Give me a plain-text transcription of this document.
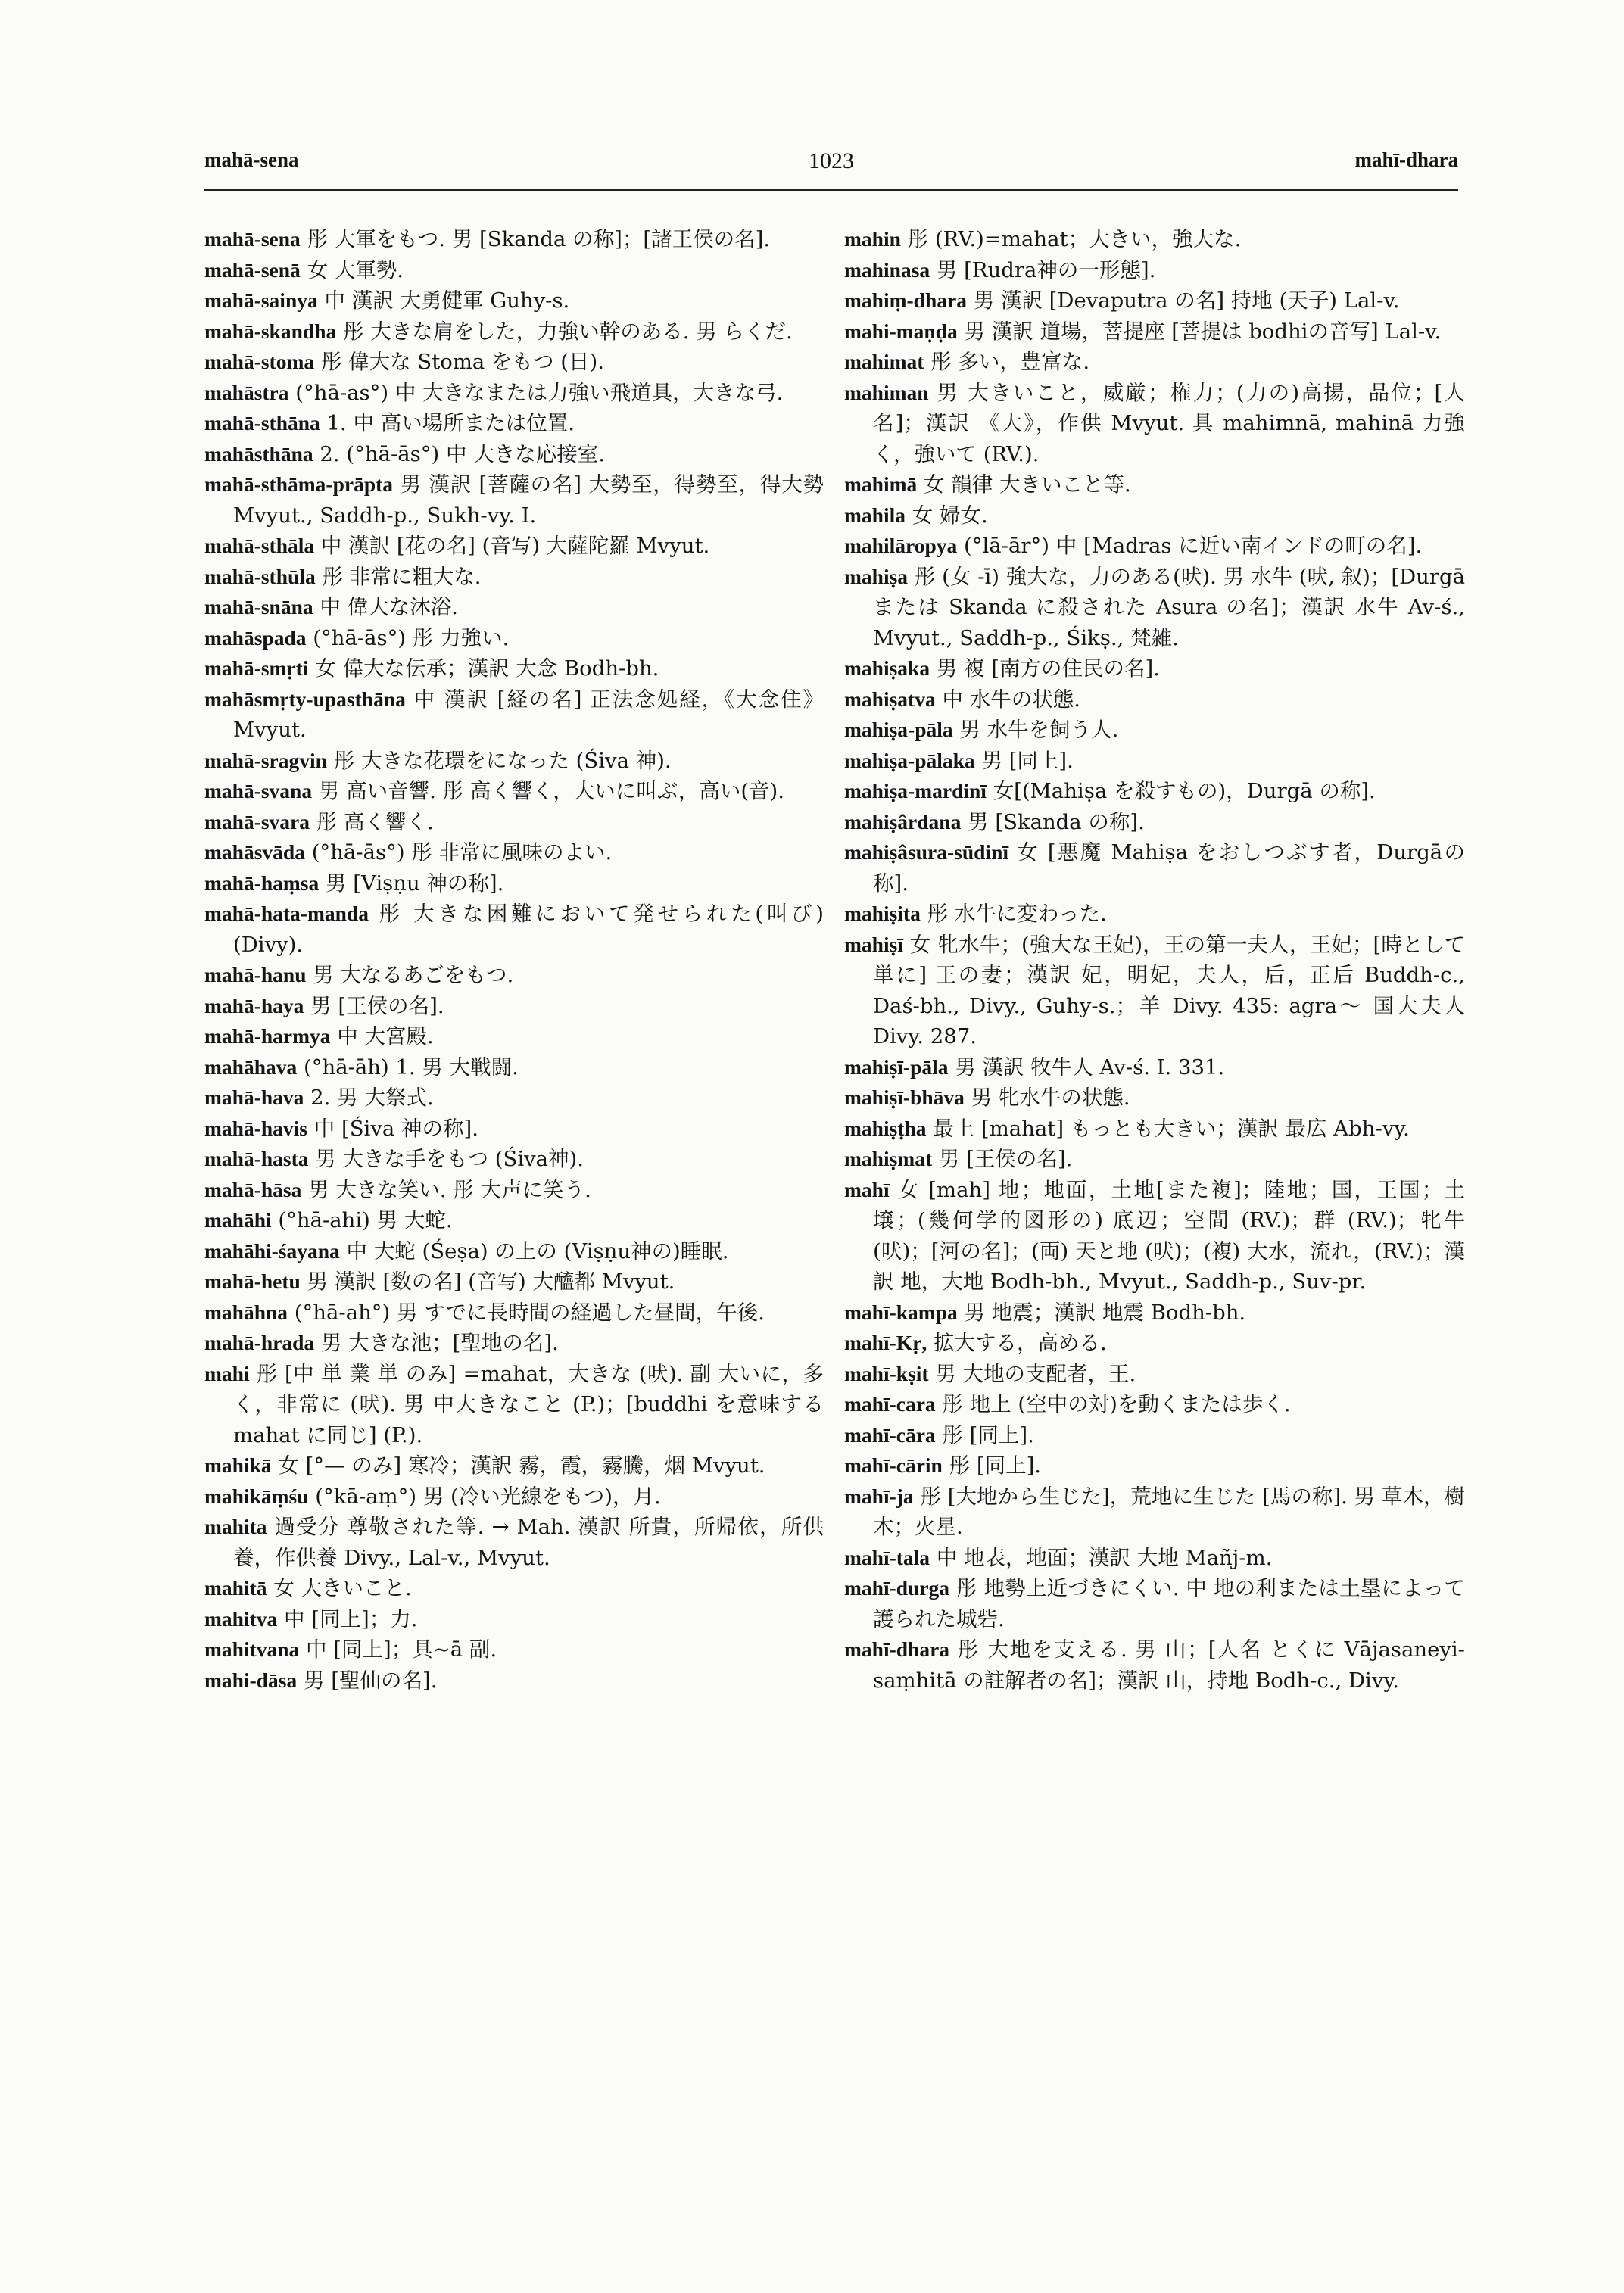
mahā-sena	1023	mahī-dhara
mahā-sena 彤 大軍をもつ. 男 [Skanda の称]；[諸王侯の名].
mahā-senā 女 大軍勢.
mahā-sainya 中 漢訳 大勇健軍 Guhy-s.
mahā-skandha 彤 大きな肩をした，力強い幹のある. 男 らくだ.
mahā-stoma 彤 偉大な Stoma をもつ (日).
mahāstra (°hā-as°) 中 大きなまたは力強い飛道具，大きな弓.
mahā-sthāna 1. 中 高い場所または位置.
mahāsthāna 2. (°hā-ās°) 中 大きな応接室.
mahā-sthāma-prāpta 男 漢訳 [菩薩の名] 大勢至，得勢至，得大勢 Mvyut., Saddh-p., Sukh-vy. I.
mahā-sthāla 中 漢訳 [花の名] (音写) 大薩陀羅 Mvyut.
mahā-sthūla 彤 非常に粗大な.
mahā-snāna 中 偉大な沐浴.
mahāspada (°hā-ās°) 彤 力強い.
mahā-smṛti 女 偉大な伝承；漢訳 大念 Bodh-bh.
mahāsmṛty-upasthāna 中 漢訳 [経の名] 正法念処経，《大念住》 Mvyut.
mahā-sragvin 彤 大きな花環をになった (Śiva 神).
mahā-svana 男 高い音響. 彤 高く響く，大いに叫ぶ，高い(音).
mahā-svara 彤 高く響く.
mahāsvāda (°hā-ās°) 彤 非常に風味のよい.
mahā-haṃsa 男 [Viṣṇu 神の称].
mahā-hata-manda 彤 大きな困難において発せられた(叫び) (Divy).
mahā-hanu 男 大なるあごをもつ.
mahā-haya 男 [王侯の名].
mahā-harmya 中 大宮殿.
mahāhava (°hā-āh) 1. 男 大戦闘.
mahā-hava 2. 男 大祭式.
mahā-havis 中 [Śiva 神の称].
mahā-hasta 男 大きな手をもつ (Śiva神).
mahā-hāsa 男 大きな笑い. 彤 大声に笑う.
mahāhi (°hā-ahi) 男 大蛇.
mahāhi-śayana 中 大蛇 (Śeṣa) の上の (Viṣṇu神の)睡眠.
mahā-hetu 男 漢訳 [数の名] (音写) 大醯都 Mvyut.
mahāhna (°hā-ah°) 男 すでに長時間の経過した昼間，午後.
mahā-hrada 男 大きな池；[聖地の名].
mahi 彤 [中 単 業 単 のみ] =mahat，大きな (吠). 副 大いに，多く，非常に (吠). 男 中大きなこと (P.)；[buddhi を意味する mahat に同じ] (P.).
mahikā 女 [°— のみ] 寒冷；漢訳 霧，霞，霧騰，烟 Mvyut.
mahikāṃśu (°kā-aṃ°) 男 (冷い光線をもつ)，月.
mahita 過受分 尊敬された等. → Mah. 漢訳 所貴，所帰依，所供養，作供養 Divy., Lal-v., Mvyut.
mahitā 女 大きいこと.
mahitva 中 [同上]；力.
mahitvana 中 [同上]；具~ā 副.
mahi-dāsa 男 [聖仙の名].
mahin 彤 (RV.)=mahat；大きい，強大な.
mahinasa 男 [Rudra神の一形態].
mahiṃ-dhara 男 漢訳 [Devaputra の名] 持地 (天子) Lal-v.
mahi-maṇḍa 男 漢訳 道場，菩提座 [菩提は bodhiの音写] Lal-v.
mahimat 彤 多い，豊富な.
mahiman 男 大きいこと，威厳；権力；(力の)高揚，品位；[人名]；漢訳 《大》，作供 Mvyut. 具 mahimnā, mahinā 力強く，強いて (RV.).
mahimā 女 韻律 大きいこと等.
mahila 女 婦女.
mahilāropya (°lā-ār°) 中 [Madras に近い南インドの町の名].
mahiṣa 彤 (女 -ī) 強大な，力のある(吠). 男 水牛 (吠, 叙)；[Durgā または Skanda に殺された Asura の名]；漢訳 水牛 Av-ś., Mvyut., Saddh-p., Śikṣ., 梵雑.
mahiṣaka 男 複 [南方の住民の名].
mahiṣatva 中 水牛の状態.
mahiṣa-pāla 男 水牛を飼う人.
mahiṣa-pālaka 男 [同上].
mahiṣa-mardinī 女[(Mahiṣa を殺すもの)，Durgā の称].
mahiṣârdana 男 [Skanda の称].
mahiṣâsura-sūdinī 女 [悪魔 Mahiṣa をおしつぶす者，Durgāの称].
mahiṣita 彤 水牛に変わった.
mahiṣī 女 牝水牛；(強大な王妃)，王の第一夫人，王妃；[時として単に] 王の妻；漢訳 妃，明妃，夫人，后，正后 Buddh-c., Daś-bh., Divy., Guhy-s.；羊 Divy. 435: agra～ 国大夫人 Divy. 287.
mahiṣī-pāla 男 漢訳 牧牛人 Av-ś. I. 331.
mahiṣī-bhāva 男 牝水牛の状態.
mahiṣṭha 最上 [mahat] もっとも大きい；漢訳 最広 Abh-vy.
mahiṣmat 男 [王侯の名].
mahī 女 [mah] 地；地面，土地[また複]；陸地；国，王国；土壌；(幾何学的図形の) 底辺；空間 (RV.)；群 (RV.)；牝牛 (吠)；[河の名]；(両) 天と地 (吠)；(複) 大水，流れ，(RV.)；漢訳 地，大地 Bodh-bh., Mvyut., Saddh-p., Suv-pr.
mahī-kampa 男 地震；漢訳 地震 Bodh-bh.
mahī-Kṛ, 拡大する，高める.
mahī-kṣit 男 大地の支配者，王.
mahī-cara 彤 地上 (空中の対)を動くまたは歩く.
mahī-cāra 彤 [同上].
mahī-cārin 彤 [同上].
mahī-ja 彤 [大地から生じた]，荒地に生じた [馬の称]. 男 草木，樹木；火星.
mahī-tala 中 地表，地面；漢訳 大地 Mañj-m.
mahī-durga 彤 地勢上近づきにくい. 中 地の利または土塁によって護られた城砦.
mahī-dhara 彤 大地を支える. 男 山；[人名 とくに Vājasaneyi-saṃhitā の註解者の名]；漢訳 山，持地 Bodh-c., Divy.
